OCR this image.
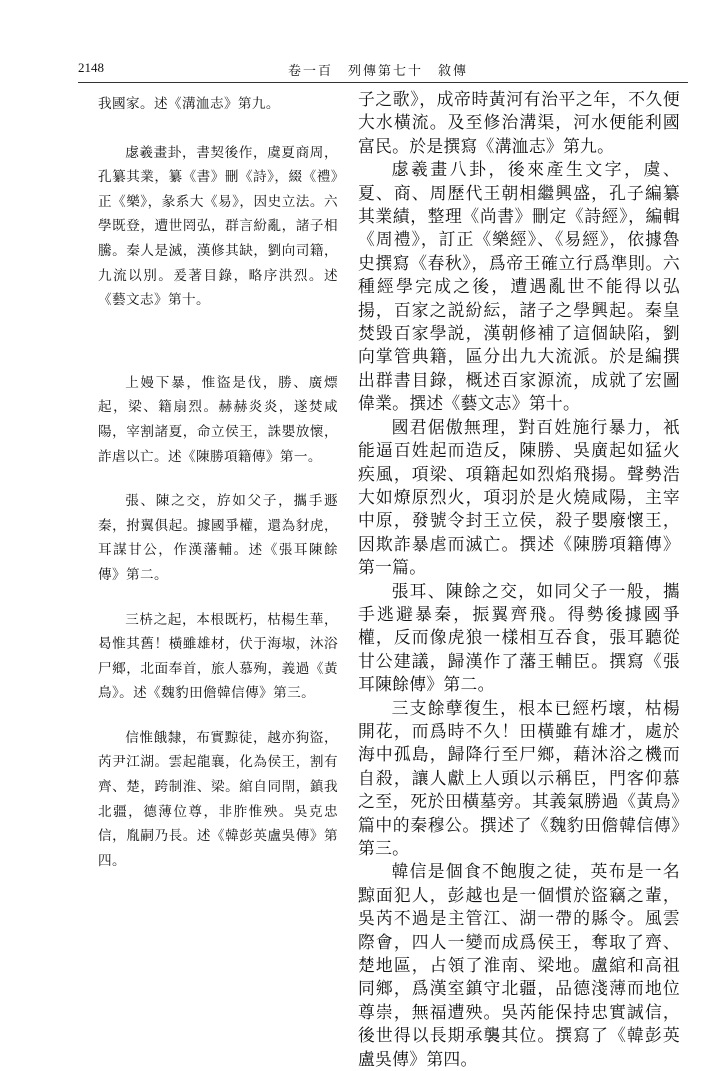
2148	卷一百　列傳第七十　敘傳

我國家。述《溝洫志》第九。

虙羲畫卦，書契後作，虞夏商周，孔纂其業，纂《書》刪《詩》，綴《禮》正《樂》，彖系大《易》，因史立法。六學既登，遭世罔弘，群言紛亂，諸子相騰。秦人是滅，漢修其缺，劉向司籍，九流以別。爰著目錄，略序洪烈。述《藝文志》第十。

上嫚下暴，惟盜是伐，勝、廣熛起，梁、籍扇烈。赫赫炎炎，遂焚咸陽，宰割諸夏，命立侯王，誅嬰放懷，詐虐以亡。述《陳勝項籍傳》第一。

張、陳之交，斿如父子，攜手遯秦，拊翼俱起。據國爭權，還為豺虎，耳謀甘公，作漢藩輔。述《張耳陳餘傳》第二。

三枿之起，本根既朽，枯楊生華，曷惟其舊！橫雖雄材，伏于海埱，沐浴尸鄉，北面奉首，旅人慕殉，義過《黃鳥》。述《魏豹田儋韓信傳》第三。

信惟餓隸，布實黥徒，越亦狗盜，芮尹江湖。雲起龍襄，化為侯王，割有齊、楚，跨制淮、梁。綰自同閈，鎮我北疆，德薄位尊，非胙惟殃。吳克忠信，胤嗣乃長。述《韓彭英盧吳傳》第四。

子之歌》，成帝時黃河有治平之年，不久便大水橫流。及至修治溝渠，河水便能利國富民。於是撰寫《溝洫志》第九。

虙羲畫八卦，後來產生文字，虞、夏、商、周歷代王朝相繼興盛，孔子編纂其業績，整理《尚書》刪定《詩經》，編輯《周禮》，訂正《樂經》、《易經》，依據魯史撰寫《春秋》，爲帝王確立行爲準則。六種經學完成之後，遭遇亂世不能得以弘揚，百家之説紛紜，諸子之學興起。秦皇焚毀百家學説，漢朝修補了這個缺陷，劉向掌管典籍，區分出九大流派。於是編撰出群書目錄，概述百家源流，成就了宏圖偉業。撰述《藝文志》第十。

國君倨傲無理，對百姓施行暴力，衹能逼百姓起而造反，陳勝、吳廣起如猛火疾風，項梁、項籍起如烈焰飛揚。聲勢浩大如燎原烈火，項羽於是火燒咸陽，主宰中原，發號令封王立侯，殺子嬰廢懷王，因欺詐暴虐而滅亡。撰述《陳勝項籍傳》第一篇。

張耳、陳餘之交，如同父子一般，攜手逃避暴秦，振翼齊飛。得勢後據國爭權，反而像虎狼一樣相互吞食，張耳聽從甘公建議，歸漢作了藩王輔臣。撰寫《張耳陳餘傳》第二。

三支餘孽復生，根本已經朽壞，枯楊開花，而爲時不久！田橫雖有雄才，處於海中孤島，歸降行至尸鄉，藉沐浴之機而自殺，讓人獻上人頭以示稱臣，門客仰慕之至，死於田橫墓旁。其義氣勝過《黃鳥》篇中的秦穆公。撰述了《魏豹田儋韓信傳》第三。

韓信是個食不飽腹之徒，英布是一名黥面犯人，彭越也是一個慣於盜竊之輩，吳芮不過是主管江、湖一帶的縣令。風雲際會，四人一變而成爲侯王，奪取了齊、楚地區，占領了淮南、梁地。盧綰和高祖同鄉，爲漢室鎮守北疆，品德淺薄而地位尊崇，無福遭殃。吳芮能保持忠實誠信，後世得以長期承襲其位。撰寫了《韓彭英盧吳傳》第四。
